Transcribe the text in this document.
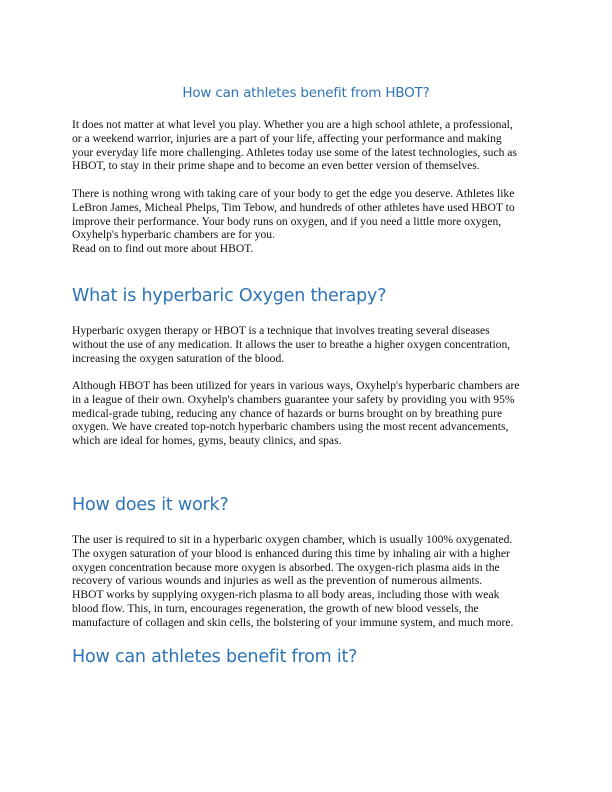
How can athletes benefit from HBOT?
It does not matter at what level you play. Whether you are a high school athlete, a professional,
or a weekend warrior, injuries are a part of your life, affecting your performance and making
your everyday life more challenging. Athletes today use some of the latest technologies, such as
HBOT, to stay in their prime shape and to become an even better version of themselves.
There is nothing wrong with taking care of your body to get the edge you deserve. Athletes like
LeBron James, Micheal Phelps, Tim Tebow, and hundreds of other athletes have used HBOT to
improve their performance. Your body runs on oxygen, and if you need a little more oxygen,
Oxyhelp's hyperbaric chambers are for you.
Read on to find out more about HBOT.
What is hyperbaric Oxygen therapy?
Hyperbaric oxygen therapy or HBOT is a technique that involves treating several diseases
without the use of any medication. It allows the user to breathe a higher oxygen concentration,
increasing the oxygen saturation of the blood.
Although HBOT has been utilized for years in various ways, Oxyhelp's hyperbaric chambers are
in a league of their own. Oxyhelp's chambers guarantee your safety by providing you with 95%
medical-grade tubing, reducing any chance of hazards or burns brought on by breathing pure
oxygen. We have created top-notch hyperbaric chambers using the most recent advancements,
which are ideal for homes, gyms, beauty clinics, and spas.
How does it work?
The user is required to sit in a hyperbaric oxygen chamber, which is usually 100% oxygenated.
The oxygen saturation of your blood is enhanced during this time by inhaling air with a higher
oxygen concentration because more oxygen is absorbed. The oxygen-rich plasma aids in the
recovery of various wounds and injuries as well as the prevention of numerous ailments.
HBOT works by supplying oxygen-rich plasma to all body areas, including those with weak
blood flow. This, in turn, encourages regeneration, the growth of new blood vessels, the
manufacture of collagen and skin cells, the bolstering of your immune system, and much more.
How can athletes benefit from it?
